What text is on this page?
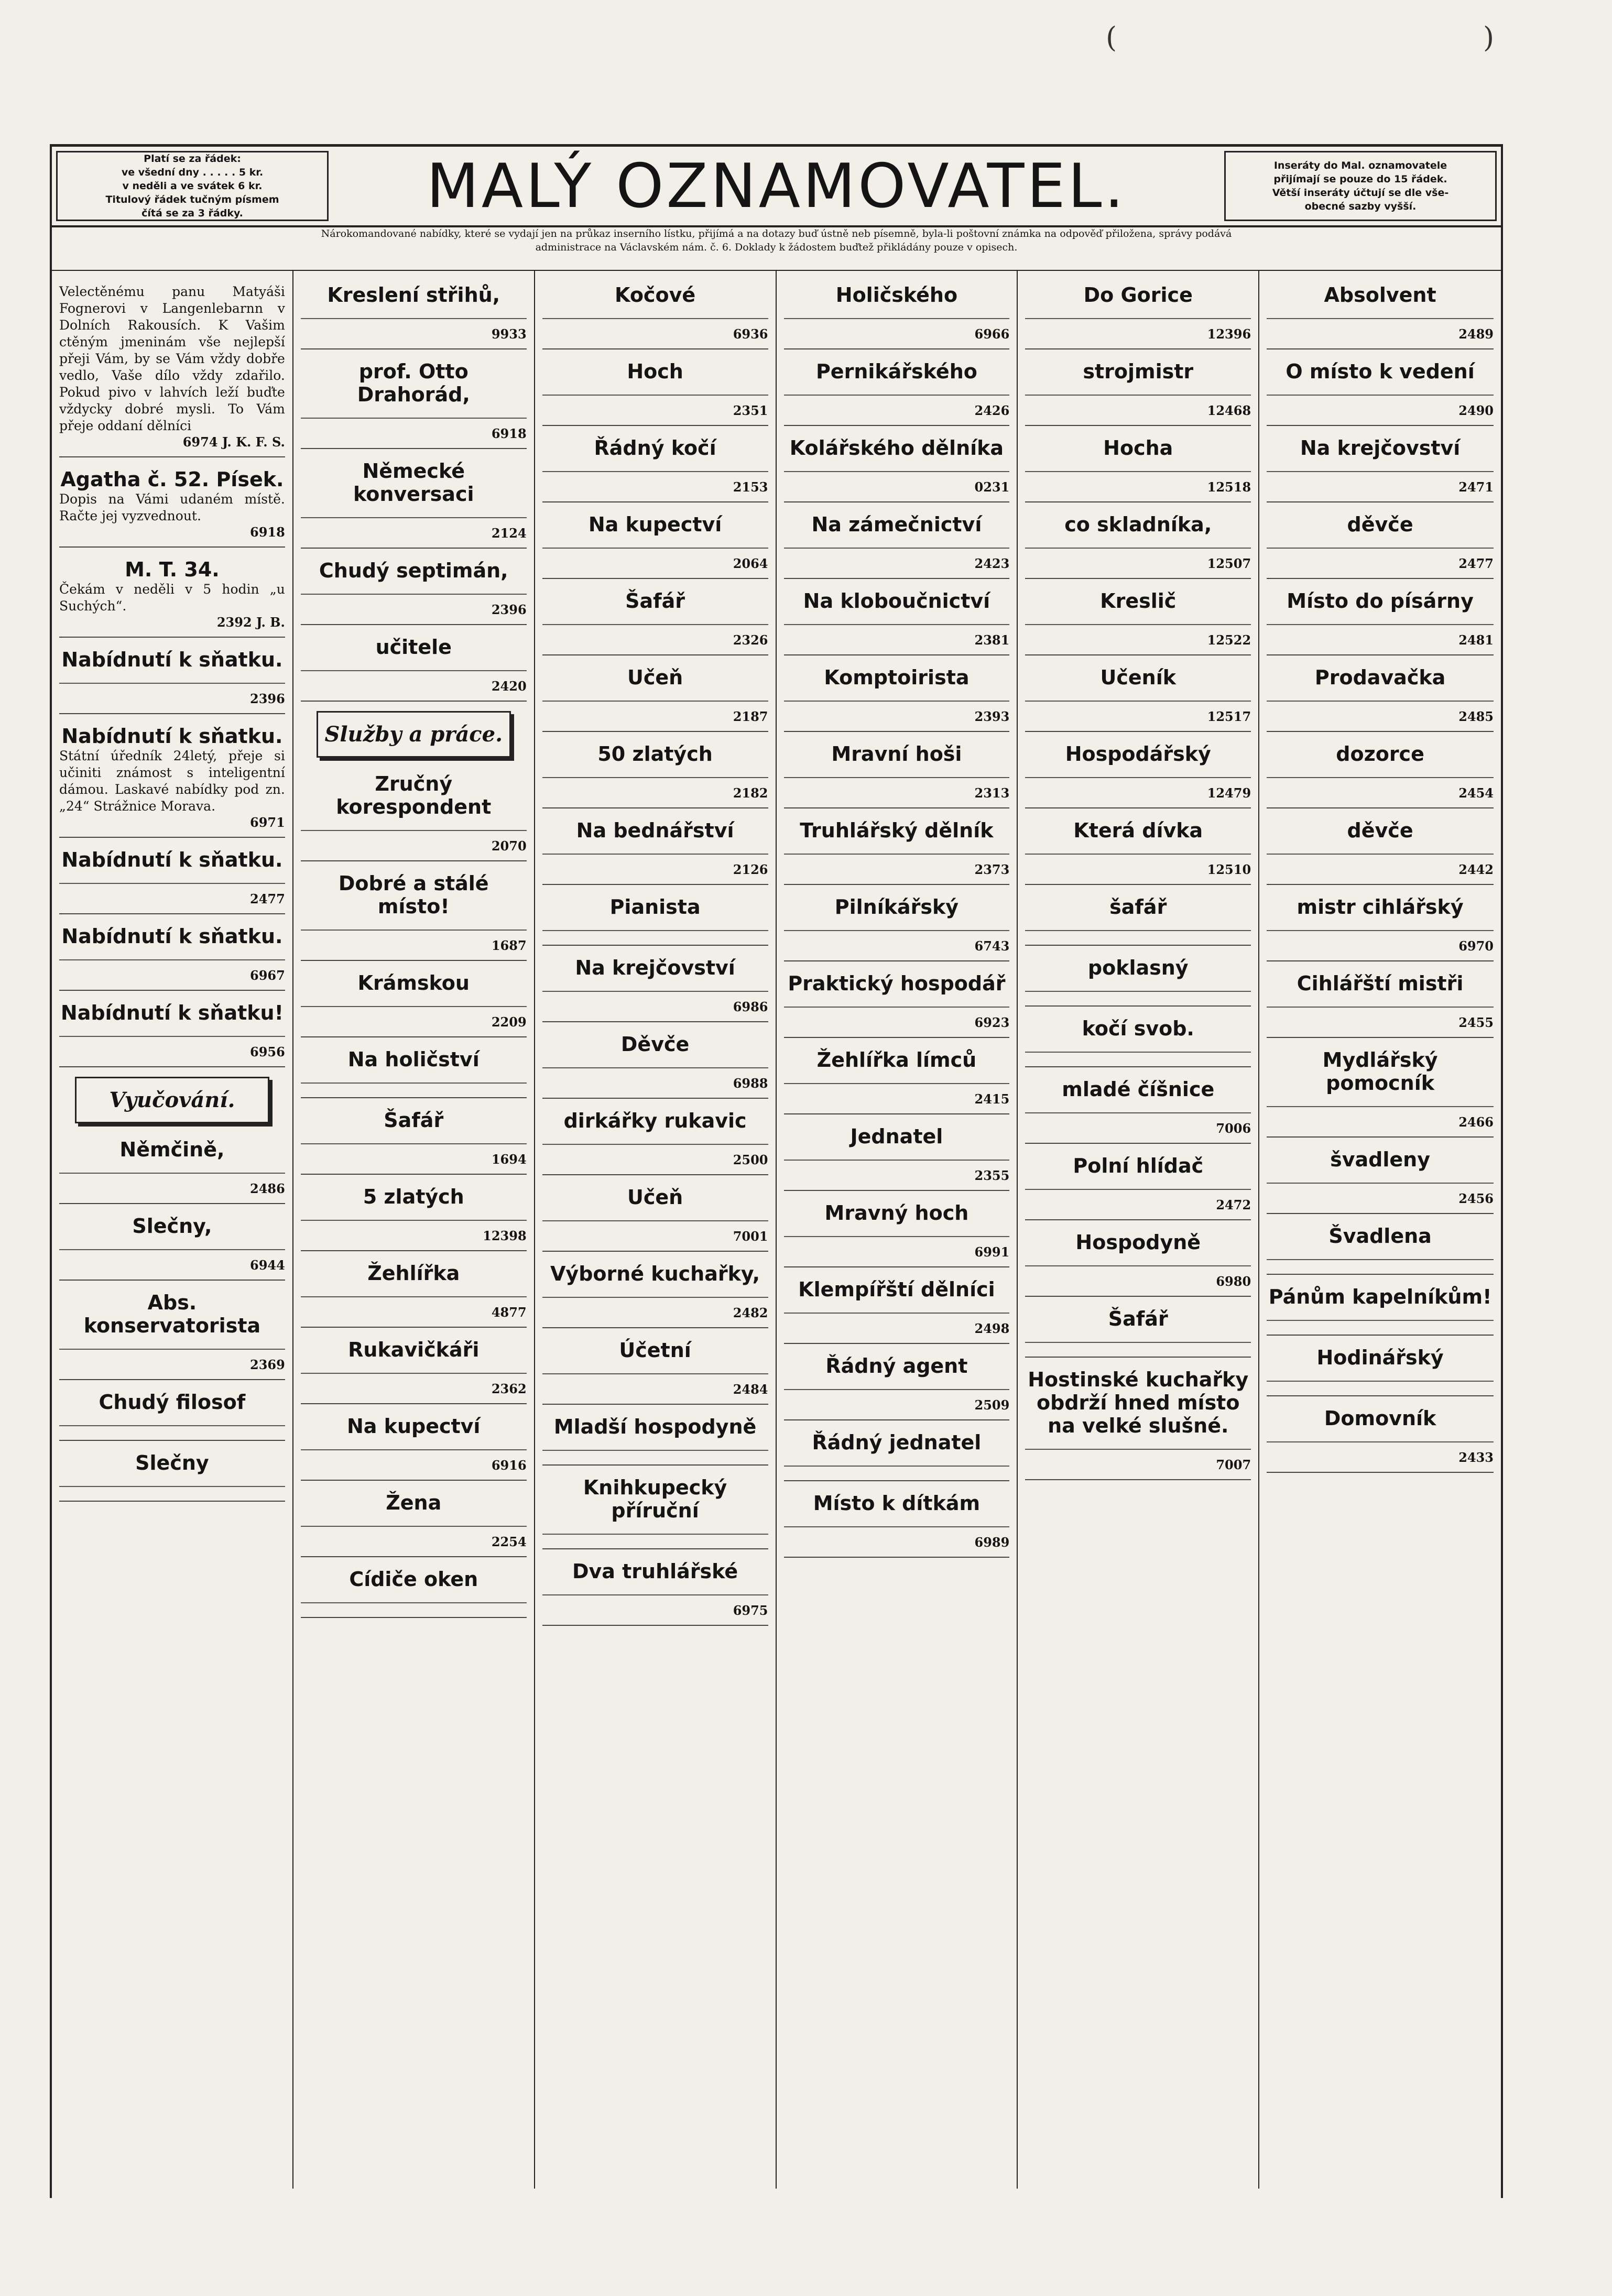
(	)
Platí se za řádek:
ve všední dny . . . . . 5 kr.
v neděli a ve svátek 6 kr.
Titulový řádek tučným písmem
čítá se za 3 řádky.	MALÝ OZNAMOVATEL.	Inseráty do Mal. oznamovatele
přijímají se pouze do 15 řádek.
Větší inseráty účtují se dle vše-
obecné sazby vyšší.
Nárokomandované nabídky, které se vydají jen na průkaz inserního lístku, přijímá a na dotazy buď ústně neb písemně, byla-li poštovní známka na odpověď přiložena, správy podává
administrace na Václavském nám. č. 6. Doklady k žádostem buďtež přikládány pouze v opisech.
Velectěnému panu Matyáši Fognerovi v Langenlebarnn v Dolních Rakousích. K Vašim ctěným jmeninám vše nejlepší přeji Vám, by se Vám vždy dobře vedlo, Vaše dílo vždy zdařilo. Pokud pivo v lahvích leží buďte vždycky dobré mysli. To Vám přeje oddaní dělníci
6974 J. K. F. S.
Agatha č. 52. Písek.
Dopis na Vámi udaném místě. Račte jej vyzvednout.
6918
M. T. 34.
Čekám v neděli v 5 hodin „u Suchých“.
2392 J. B.
Nabídnutí k sňatku.
2396
Nabídnutí k sňatku.
Státní úředník 24letý, přeje si učiniti známost s inteligentní dámou. Laskavé nabídky pod zn. „24“ Strážnice Morava.
6971
Nabídnutí k sňatku.
2477
Nabídnutí k sňatku.
6967
Nabídnutí k sňatku!
6956
Vyučování.
Němčině,
2486
Slečny,
6944
Abs. konservatoristа
2369
Chudý filosof
Slečny
Kreslení střihů,
9933
prof. Otto Drahorád,
6918
Německé konversaci
2124
Chudý septimán,
2396
učitele
2420
Služby a práce.
Zručný korespondent
2070
Dobré a stálé místo!
1687
Krámskou
2209
Na holičství
Šafář
1694
5 zlatých
12398
Žehlířka
4877
Rukavičkáři
2362
Na kupectví
6916
Žena
2254
Cídiče oken
Kočové
6936
Hoch
2351
Řádný kočí
2153
Na kupectví
2064
Šafář
2326
Učeň
2187
50 zlatých
2182
Na bednářství
2126
Pianista
Na krejčovství
6986
Děvče
6988
dirkářky rukavic
2500
Učeň
7001
Výborné kuchařky,
2482
Účetní
2484
Mladší hospodyně
Knihkupecký příruční
Dva truhlářské
6975
Holičského
6966
Pernikářského
2426
Kolářského dělníka
0231
Na zámečnictví
2423
Na kloboučnictví
2381
Komptoiristа
2393
Mravní hoši
2313
Truhlářský dělník
2373
Pilníkářský
6743
Praktický hospodář
6923
Žehlířka límců
2415
Jednatel
2355
Mravný hoch
6991
Klempířští dělníci
2498
Řádný agent
2509
Řádný jednatel
Místo k dítkám
6989
Do Gorice
12396
strojmistr
12468
Hocha
12518
co skladníka,
12507
Kreslič
12522
Učeník
12517
Hospodářský
12479
Která dívka
12510
šafář
poklasný
kočí svob.
mladé číšnice
7006
Polní hlídač
2472
Hospodyně
6980
Šafář
Hostinské kuchařky obdrží hned místo na velké slušné.
7007
Absolvent
2489
O místo k vedení
2490
Na krejčovství
2471
děvče
2477
Místo do písárny
2481
Prodavačka
2485
dozorce
2454
děvče
2442
mistr cihlářský
6970
Cihlářští mistři
2455
Mydlářský pomocník
2466
švadleny
2456
Švadlena
Pánům kapelníkům!
Hodinářský
Domovník
2433
